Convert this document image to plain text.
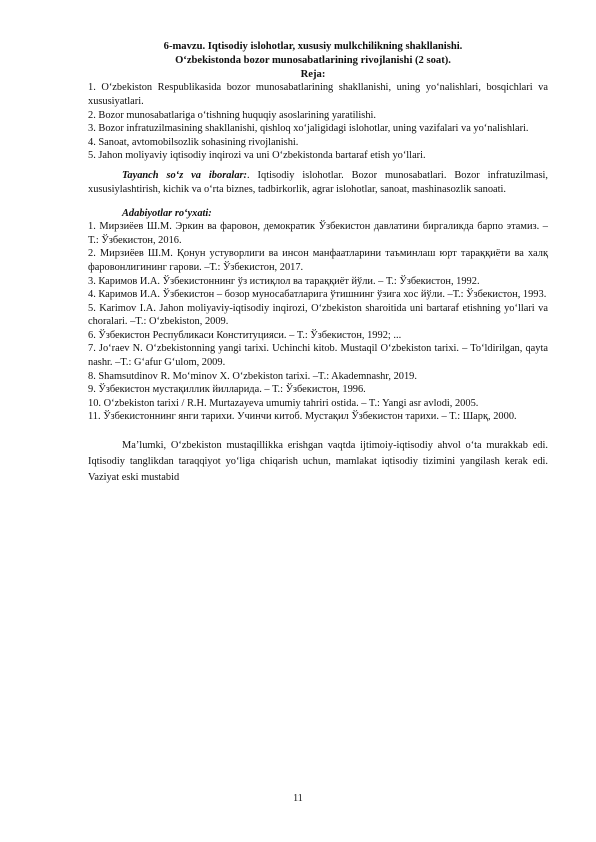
6-mavzu. Iqtisodiy islohotlar, xususiy mulkchilikning shakllanishi.
O‘zbekistonda bozor munosabatlarining rivojlanishi (2 soat).
Reja:

1. O‘zbekiston Respublikasida bozor munosabatlarining shakllanishi, uning yo‘nalishlari, bosqichlari va xususiyatlari.

2. Bozor munosabatlariga o‘tishning huquqiy asoslarining yaratilishi.

3. Bozor infratuzilmasining shakllanishi, qishloq xo‘jaligidagi islohotlar, uning vazifalari va yo‘nalishlari.

4. Sanoat, avtomobilsozlik sohasining rivojlanishi.

5. Jahon moliyaviy iqtisodiy inqirozi va uni O‘zbekistonda bartaraf etish yo‘llari.

Tayanch so‘z va iboralar:. Iqtisodiy islohotlar. Bozor munosabatlari. Bozor infratuzilmasi, xususiylashtirish, kichik va o‘rta biznes, tadbirkorlik, agrar islohotlar, sanoat, mashinasozlik sanoati.

Adabiyotlar ro‘yxati:

1. Мирзиёев Ш.М. Эркин ва фаровон, демократик Ўзбекистон давлатини биргаликда барпо этамиз. – Т.: Ўзбекистон, 2016.

2. Мирзиёев Ш.М. Қонун устуворлиги ва инсон манфаатларини таъминлаш юрт тараққиёти ва халқ фаровонлигининг гарови. –Т.: Ўзбекистон, 2017.

3. Каримов И.А. Ўзбекистоннинг ўз истиқлол ва тараққиёт йўли. – Т.: Ўзбекистон, 1992.

4. Каримов И.А. Ўзбекистон – бозор муносабатларига ўтишнинг ўзига хос йўли. –Т.: Ўзбекистон, 1993.

5. Karimov I.A. Jahon moliyaviy-iqtisodiy inqirozi, O‘zbekiston sharoitida uni bartaraf etishning yo‘llari va choralari. –T.: O‘zbekiston, 2009.

6. Ўзбекистон Республикаси Конституцияси. – Т.: Ўзбекистон, 1992; ...

7. Jo‘raev N. O‘zbekistonning yangi tarixi. Uchinchi kitob. Mustaqil O‘zbekiston tarixi. – To‘ldirilgan, qayta nashr. –T.: G‘afur G‘ulom, 2009.

8. Shamsutdinov R. Mo‘minov X. O‘zbekiston tarixi. –T.: Akademnashr, 2019.

9. Ўзбекистон мустақиллик йилларида. – Т.: Ўзбекистон, 1996.

10. O‘zbekiston tarixi / R.H. Murtazayeva umumiy tahriri ostida. – T.: Yangi asr avlodi, 2005.

11. Ўзбекистоннинг янги тарихи. Учинчи китоб. Мустақил Ўзбекистон тарихи. – Т.: Шарқ, 2000.

Ma’lumki, O‘zbekiston mustaqillikka erishgan vaqtda ijtimoiy-iqtisodiy ahvol o‘ta murakkab edi. Iqtisodiy tanglikdan taraqqiyot yo‘liga chiqarish uchun, mamlakat iqtisodiy tizimini yangilash kerak edi. Vaziyat eski mustabid

11
